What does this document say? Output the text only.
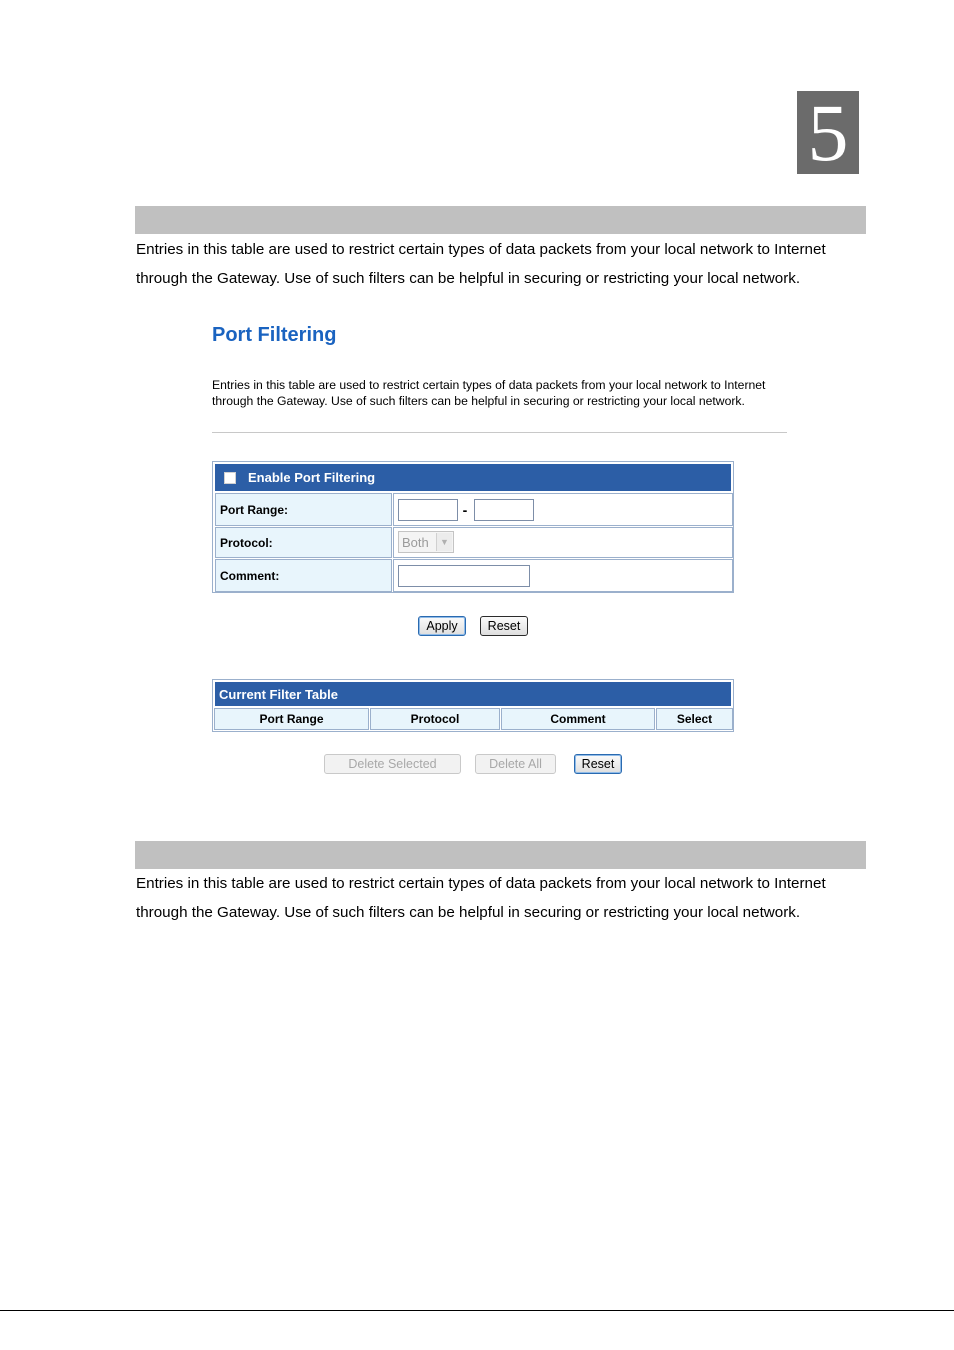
5
Entries in this table are used to restrict certain types of data packets from your local network to Internet
through the Gateway. Use of such filters can be helpful in securing or restricting your local network.
Port Filtering
Entries in this table are used to restrict certain types of data packets from your local network to Internet through the Gateway. Use of such filters can be helpful in securing or restricting your local network.
Enable Port Filtering
Port Range:	-
Protocol:	Both	▼
Comment:
Apply	Reset
Current Filter Table
Port Range	Protocol	Comment	Select
Delete Selected	Delete All	Reset
Entries in this table are used to restrict certain types of data packets from your local network to Internet
through the Gateway. Use of such filters can be helpful in securing or restricting your local network.
